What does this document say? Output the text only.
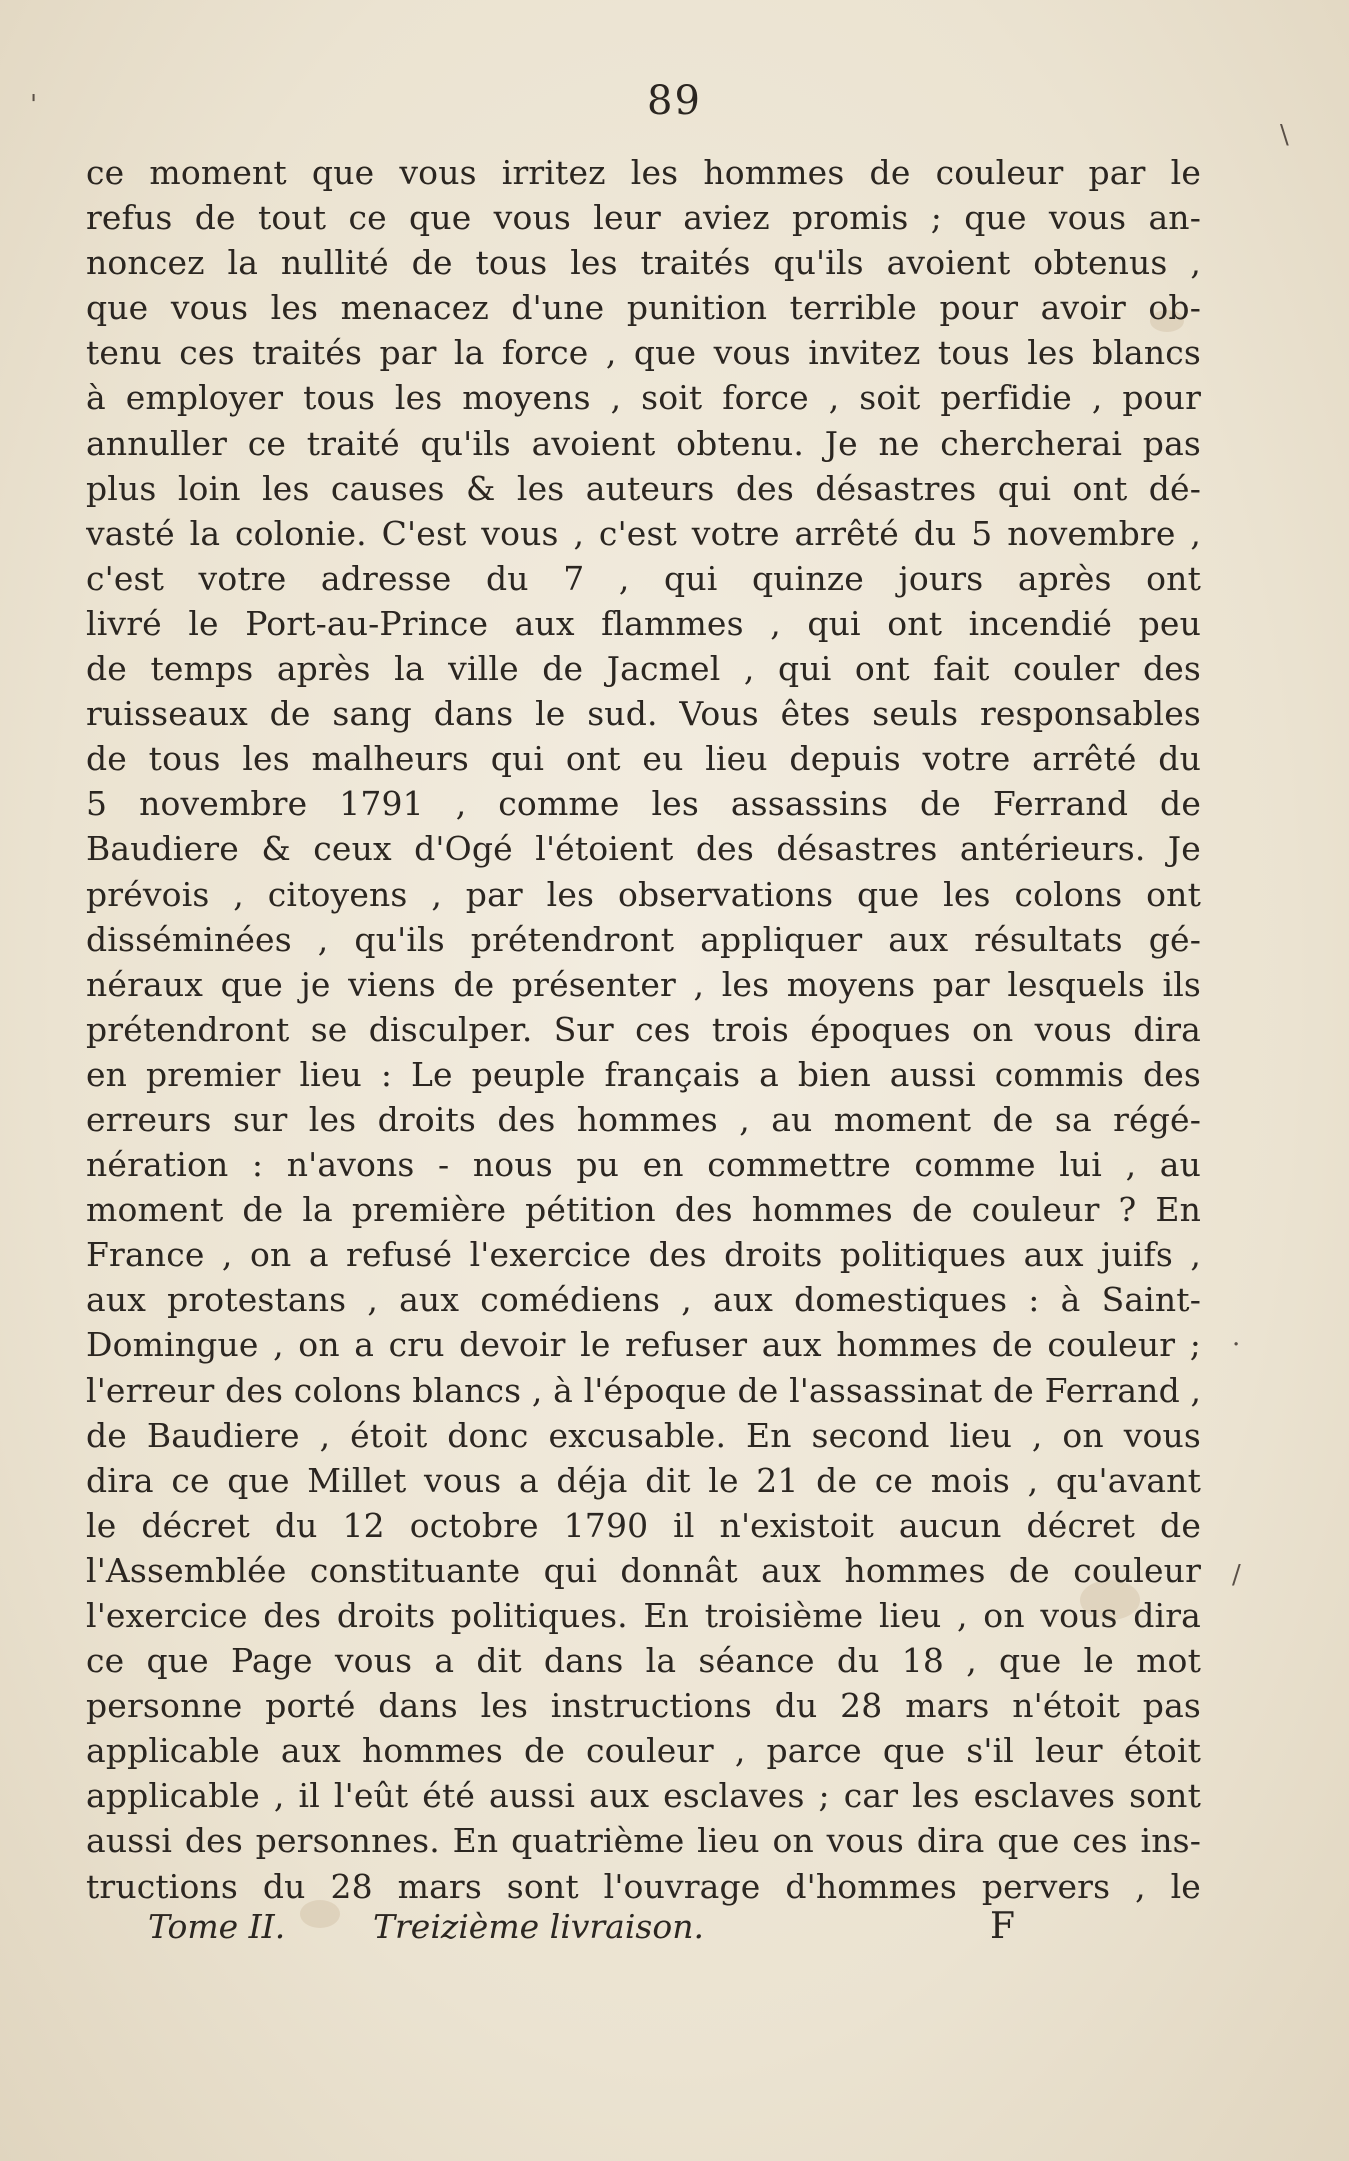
\
/
'
·
89
ce moment que vous irritez les hommes de couleur par le
refus de tout ce que vous leur aviez promis ; que vous an-
noncez la nullité de tous les traités qu'ils avoient obtenus ,
que vous les menacez d'une punition terrible pour avoir ob-
tenu ces traités par la force , que vous invitez tous les blancs
à employer tous les moyens , soit force , soit perfidie , pour
annuller ce traité qu'ils avoient obtenu. Je ne chercherai pas
plus loin les causes & les auteurs des désastres qui ont dé-
vasté la colonie. C'est vous , c'est votre arrêté du 5 novembre ,
c'est votre adresse du 7 , qui quinze jours après ont
livré le Port-au-Prince aux flammes , qui ont incendié peu
de temps après la ville de Jacmel , qui ont fait couler des
ruisseaux de sang dans le sud. Vous êtes seuls responsables
de tous les malheurs qui ont eu lieu depuis votre arrêté du
5 novembre 1791 , comme les assassins de Ferrand de
Baudiere & ceux d'Ogé l'étoient des désastres antérieurs. Je
prévois , citoyens , par les observations que les colons ont
disséminées , qu'ils prétendront appliquer aux résultats gé-
néraux que je viens de présenter , les moyens par lesquels ils
prétendront se disculper. Sur ces trois époques on vous dira
en premier lieu : Le peuple français a bien aussi commis des
erreurs sur les droits des hommes , au moment de sa régé-
nération : n'avons - nous pu en commettre comme lui , au
moment de la première pétition des hommes de couleur ? En
France , on a refusé l'exercice des droits politiques aux juifs ,
aux protestans , aux comédiens , aux domestiques : à Saint-
Domingue , on a cru devoir le refuser aux hommes de couleur ;
l'erreur des colons blancs , à l'époque de l'assassinat de Ferrand ,
de Baudiere , étoit donc excusable. En second lieu , on vous
dira ce que Millet vous a déja dit le 21 de ce mois , qu'avant
le décret du 12 octobre 1790 il n'existoit aucun décret de
l'Assemblée constituante qui donnât aux hommes de couleur
l'exercice des droits politiques. En troisième lieu , on vous dira
ce que Page vous a dit dans la séance du 18 , que le mot
personne porté dans les instructions du 28 mars n'étoit pas
applicable aux hommes de couleur , parce que s'il leur étoit
applicable , il l'eût été aussi aux esclaves ; car les esclaves sont
aussi des personnes. En quatrième lieu on vous dira que ces ins-
tructions du 28 mars sont l'ouvrage d'hommes pervers , le
Tome II.	Treizième livraison.	F
